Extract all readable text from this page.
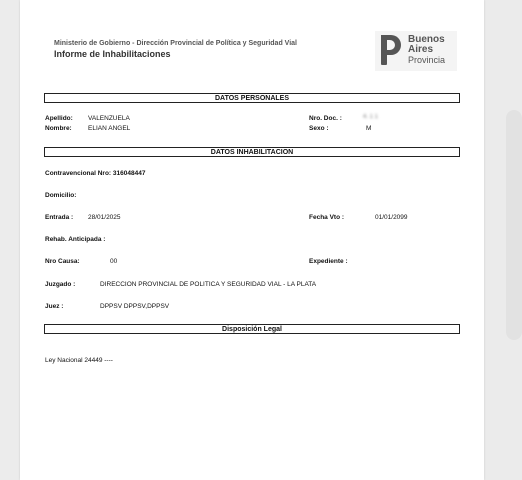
Ministerio de Gobierno - Dirección Provincial de Política y Seguridad Vial
Informe de Inhabilitaciones
Buenos
Aires
Provincia
DATOS PERSONALES
Apellido: VALENZUELA
Nombre:	ELIAN ANGEL
Nro. Doc. :	4. 1 1
Sexo :	M
DATOS INHABILITACION
Contravencional Nro: 316048447
Domicilio:
Entrada : 28/01/2025	Fecha Vto :	01/01/2099
Rehab. Anticipada :
Nro Causa:	00	Expediente :
Juzgado :	DIRECCION PROVINCIAL DE POLITICA Y SEGURIDAD VIAL - LA PLATA
Juez :	DPPSV DPPSV,DPPSV
Disposición Legal
Ley Nacional 24449 ----
